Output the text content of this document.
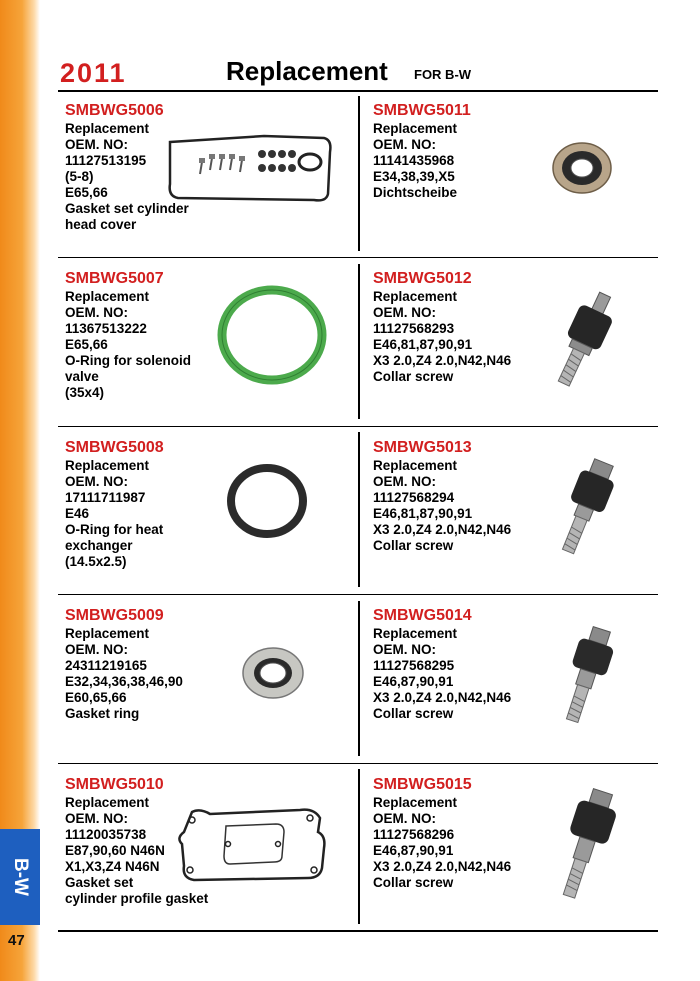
B-W
47
2011	Replacement FOR B-W
SMBWG5006
Replacement
OEM. NO:
11127513195
(5-8)
E65,66
Gasket set cylinder
head cover
SMBWG5011
Replacement
OEM. NO:
11141435968
E34,38,39,X5
Dichtscheibe
SMBWG5007
Replacement
OEM. NO:
11367513222
E65,66
O-Ring for solenoid
valve
(35x4)
SMBWG5012
Replacement
OEM. NO:
11127568293
E46,81,87,90,91
X3 2.0,Z4 2.0,N42,N46
Collar screw
SMBWG5008
Replacement
OEM. NO:
17111711987
E46
O-Ring for heat
exchanger
(14.5x2.5)
SMBWG5013
Replacement
OEM. NO:
11127568294
E46,81,87,90,91
X3 2.0,Z4 2.0,N42,N46
Collar screw
SMBWG5009
Replacement
OEM. NO:
24311219165
E32,34,36,38,46,90
E60,65,66
Gasket ring
SMBWG5014
Replacement
OEM. NO:
11127568295
E46,87,90,91
X3 2.0,Z4 2.0,N42,N46
Collar screw
SMBWG5010
Replacement
OEM. NO:
11120035738
E87,90,60 N46N
X1,X3,Z4 N46N
Gasket set
cylinder profile gasket
SMBWG5015
Replacement
OEM. NO:
11127568296
E46,87,90,91
X3 2.0,Z4 2.0,N42,N46
Collar screw
